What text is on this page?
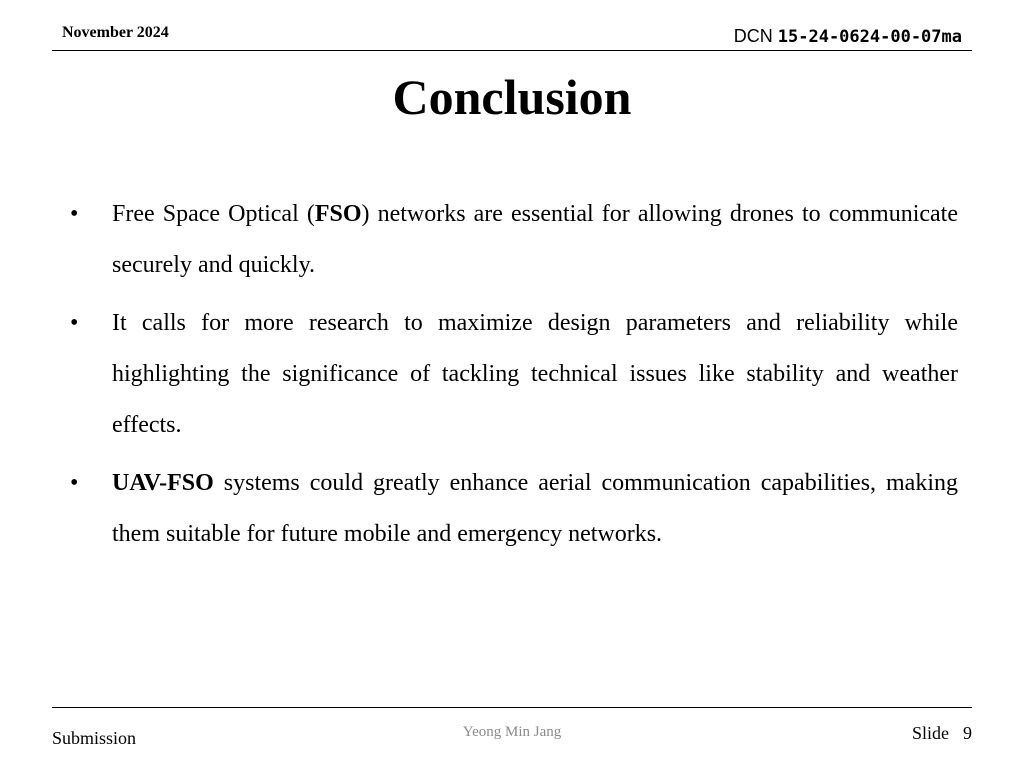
November 2024	DCN 15-24-0624-00-07ma
Conclusion
• Free Space Optical (FSO) networks are essential for allowing drones to communicate securely and quickly.
• It calls for more research to maximize design parameters and reliability while highlighting the significance of tackling technical issues like stability and weather effects.
• UAV-FSO systems could greatly enhance aerial communication capabilities, making them suitable for future mobile and emergency networks.
Submission	Yeong Min Jang	Slide 9
